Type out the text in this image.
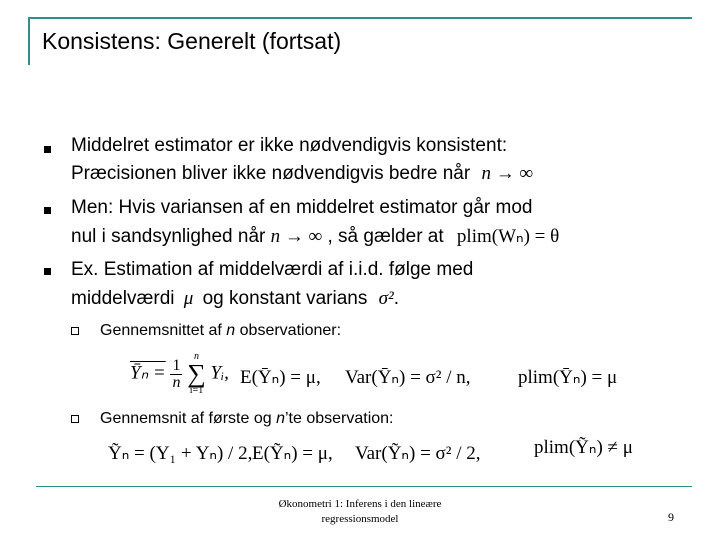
Konsistens: Generelt (fortsat)
Middelret estimator er ikke nødvendigvis konsistent:
Præcisionen bliver ikke nødvendigvis bedre når n → ∞
Men: Hvis variansen af en middelret estimator går mod
nul i sandsynlighed når n → ∞ , så gælder at plim(Wₙ) = θ
Ex. Estimation af middelværdi af i.i.d. følge med
middelværdi μ og konstant varians σ².
Gennemsnittet af n observationer:
Ȳₙ = $\frac{1}{n}$

n
∑
i=1
Yᵢ, E(Ȳₙ) = μ, Var(Ȳₙ) = σ² / n, plim(Ȳₙ) = μ
Gennemsnit af første og n’te observation:
Ỹₙ = (Y₁ + Yₙ) / 2, E(Ỹₙ) = μ, Var(Ỹₙ) = σ² / 2,	plim(Ỹₙ) ≠ μ
Økonometri 1: Inferens i den lineære
regressionsmodel	9
